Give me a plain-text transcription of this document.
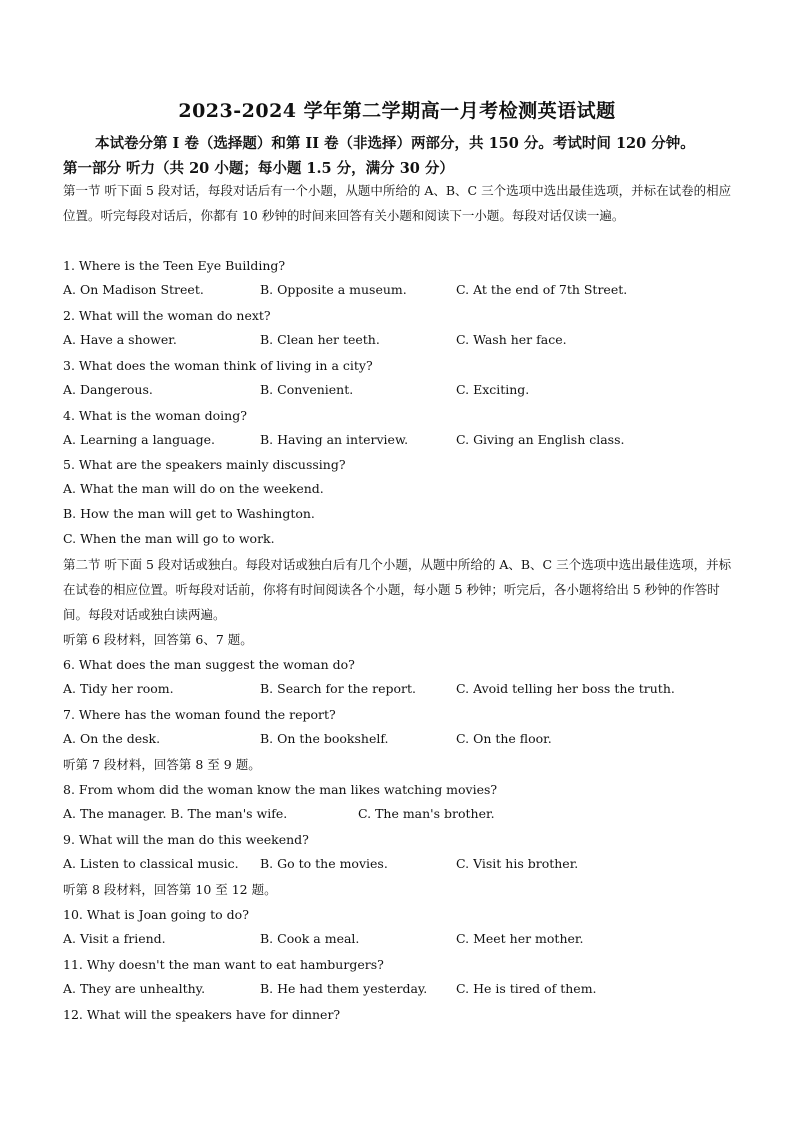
2023-2024 学年第二学期高一月考检测英语试题
本试卷分第 I 卷（选择题）和第 II 卷（非选择）两部分，共 150 分。考试时间 120 分钟。
第一部分 听力（共 20 小题；每小题 1.5 分，满分 30 分）
第一节 听下面 5 段对话，每段对话后有一个小题，从题中所给的 A、B、C 三个选项中选出最佳选项，并标在试卷的相应位置。听完每段对话后，你都有 10 秒钟的时间来回答有关小题和阅读下一小题。每段对话仅读一遍。
1. Where is the Teen Eye Building?
A. On Madison Street.	B. Opposite a museum.	C. At the end of 7th Street.
2. What will the woman do next?
A. Have a shower.	B. Clean her teeth.	C. Wash her face.
3. What does the woman think of living in a city?
A. Dangerous.	B. Convenient.	C. Exciting.
4. What is the woman doing?
A. Learning a language.	B. Having an interview.	C. Giving an English class.
5. What are the speakers mainly discussing?
A. What the man will do on the weekend.
B. How the man will get to Washington.
C. When the man will go to work.
第二节 听下面 5 段对话或独白。每段对话或独白后有几个小题，从题中所给的 A、B、C 三个选项中选出最佳选项，并标在试卷的相应位置。听每段对话前，你将有时间阅读各个小题，每小题 5 秒钟；听完后，各小题将给出 5 秒钟的作答时间。每段对话或独白读两遍。
听第 6 段材料，回答第 6、7 题。
6. What does the man suggest the woman do?
A. Tidy her room.	B. Search for the report.	C. Avoid telling her boss the truth.
7. Where has the woman found the report?
A. On the desk.	B. On the bookshelf.	C. On the floor.
听第 7 段材料，回答第 8 至 9 题。
8. From whom did the woman know the man likes watching movies?
A. The manager. B. The man's wife.	C. The man's brother.
9. What will the man do this weekend?
A. Listen to classical music. B. Go to the movies.	C. Visit his brother.
听第 8 段材料，回答第 10 至 12 题。
10. What is Joan going to do?
A. Visit a friend.	B. Cook a meal.	C. Meet her mother.
11. Why doesn't the man want to eat hamburgers?
A. They are unhealthy.	B. He had them yesterday. C. He is tired of them.
12. What will the speakers have for dinner?
